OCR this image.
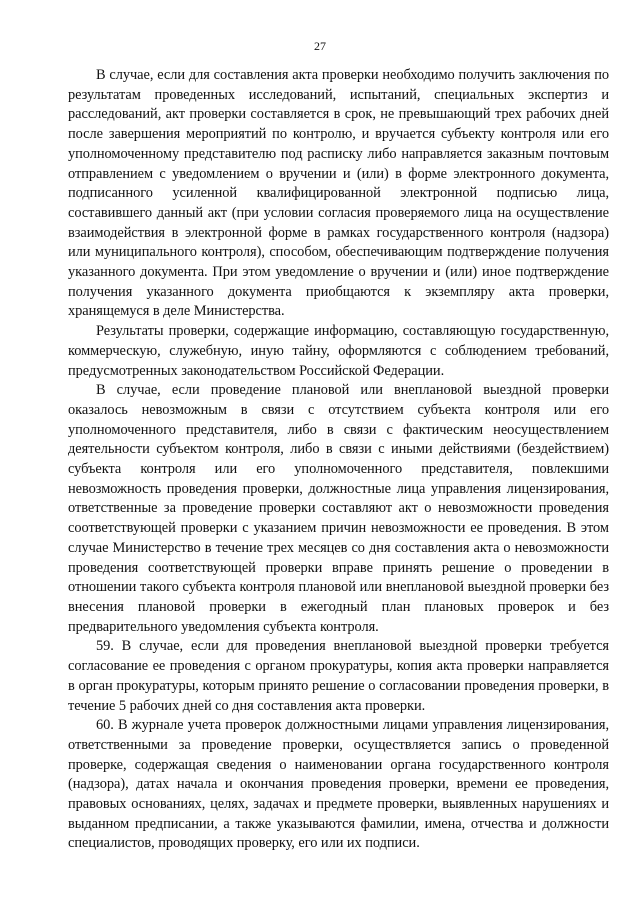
27

В случае, если для составления акта проверки необходимо получить заключения по результатам проведенных исследований, испытаний, специальных экспертиз и расследований, акт проверки составляется в срок, не превышающий трех рабочих дней после завершения мероприятий по контролю, и вручается субъекту контроля или его уполномоченному представителю под расписку либо направляется заказным почтовым отправлением с уведомлением о вручении и (или) в форме электронного документа, подписанного усиленной квалифицированной электронной подписью лица, составившего данный акт (при условии согласия проверяемого лица на осуществление взаимодействия в электронной форме в рамках государственного контроля (надзора) или муниципального контроля), способом, обеспечивающим подтверждение получения указанного документа. При этом уведомление о вручении и (или) иное подтверждение получения указанного документа приобщаются к экземпляру акта проверки, хранящемуся в деле Министерства.

Результаты проверки, содержащие информацию, составляющую государственную, коммерческую, служебную, иную тайну, оформляются с соблюдением требований, предусмотренных законодательством Российской Федерации.

В случае, если проведение плановой или внеплановой выездной проверки оказалось невозможным в связи с отсутствием субъекта контроля или его уполномоченного представителя, либо в связи с фактическим неосуществлением деятельности субъектом контроля, либо в связи с иными действиями (бездействием) субъекта контроля или его уполномоченного представителя, повлекшими невозможность проведения проверки, должностные лица управления лицензирования, ответственные за проведение проверки составляют акт о невозможности проведения соответствующей проверки с указанием причин невозможности ее проведения. В этом случае Министерство в течение трех месяцев со дня составления акта о невозможности проведения соответствующей проверки вправе принять решение о проведении в отношении такого субъекта контроля плановой или внеплановой выездной проверки без внесения плановой проверки в ежегодный план плановых проверок и без предварительного уведомления субъекта контроля.

59. В случае, если для проведения внеплановой выездной проверки требуется согласование ее проведения с органом прокуратуры, копия акта проверки направляется в орган прокуратуры, которым принято решение о согласовании проведения проверки, в течение 5 рабочих дней со дня составления акта проверки.

60. В журнале учета проверок должностными лицами управления лицензирования, ответственными за проведение проверки, осуществляется запись о проведенной проверке, содержащая сведения о наименовании органа государственного контроля (надзора), датах начала и окончания проведения проверки, времени ее проведения, правовых основаниях, целях, задачах и предмете проверки, выявленных нарушениях и выданном предписании, а также указываются фамилии, имена, отчества и должности специалистов, проводящих проверку, его или их подписи.
